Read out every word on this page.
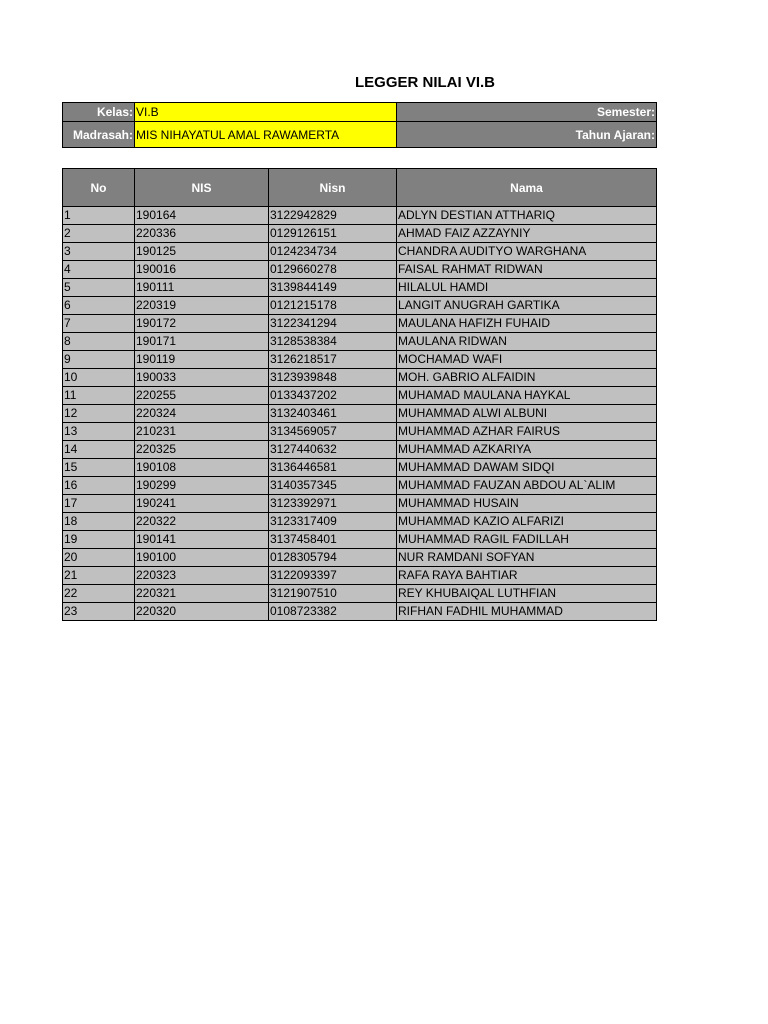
LEGGER NILAI VI.B
Kelas:	VI.B	Semester:
Madrasah:	MIS NIHAYATUL AMAL RAWAMERTA	Tahun Ajaran:
No	NIS	Nisn	Nama
1	190164	3122942829	ADLYN DESTIAN ATTHARIQ
2	220336	0129126151	AHMAD FAIZ AZZAYNIY
3	190125	0124234734	CHANDRA AUDITYO WARGHANA
4	190016	0129660278	FAISAL RAHMAT RIDWAN
5	190111	3139844149	HILALUL HAMDI
6	220319	0121215178	LANGIT ANUGRAH GARTIKA
7	190172	3122341294	MAULANA HAFIZH FUHAID
8	190171	3128538384	MAULANA RIDWAN
9	190119	3126218517	MOCHAMAD WAFI
10	190033	3123939848	MOH. GABRIO ALFAIDIN
11	220255	0133437202	MUHAMAD MAULANA HAYKAL
12	220324	3132403461	MUHAMMAD ALWI ALBUNI
13	210231	3134569057	MUHAMMAD AZHAR FAIRUS
14	220325	3127440632	MUHAMMAD AZKARIYA
15	190108	3136446581	MUHAMMAD DAWAM SIDQI
16	190299	3140357345	MUHAMMAD FAUZAN ABDOU AL`ALIM
17	190241	3123392971	MUHAMMAD HUSAIN
18	220322	3123317409	MUHAMMAD KAZIO ALFARIZI
19	190141	3137458401	MUHAMMAD RAGIL FADILLAH
20	190100	0128305794	NUR RAMDANI SOFYAN
21	220323	3122093397	RAFA RAYA BAHTIAR
22	220321	3121907510	REY KHUBAIQAL LUTHFIAN
23	220320	0108723382	RIFHAN FADHIL MUHAMMAD
